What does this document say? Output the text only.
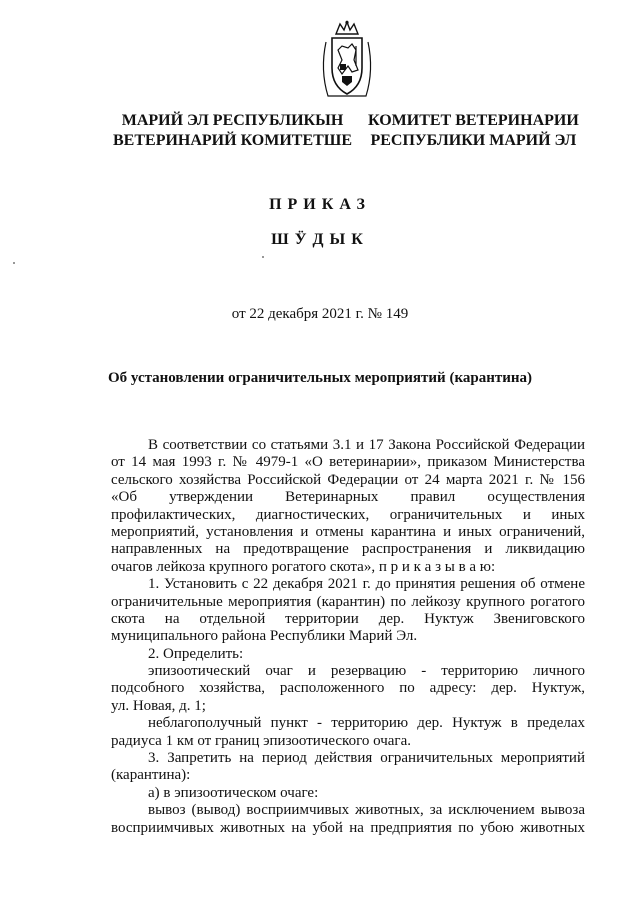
МАРИЙ ЭЛ РЕСПУБЛИКЫН
ВЕТЕРИНАРИЙ КОМИТЕТШЕ
КОМИТЕТ ВЕТЕРИНАРИИ
РЕСПУБЛИКИ МАРИЙ ЭЛ
ПРИКАЗ
ШӰДЫК
от 22 декабря 2021 г. № 149
Об установлении ограничительных мероприятий (карантина)
В соответствии со статьями 3.1 и 17 Закона Российской Федерации
от 14 мая 1993 г. № 4979-1 «О ветеринарии», приказом Министерства
сельского хозяйства Российской Федерации от 24 марта 2021 г. № 156
«Об утверждении Ветеринарных правил осуществления
профилактических, диагностических, ограничительных и иных
мероприятий, установления и отмены карантина и иных ограничений,
направленных на предотвращение распространения и ликвидацию
очагов лейкоза крупного рогатого скота», п р и к а з ы в а ю:
1. Установить с 22 декабря 2021 г. до принятия решения об отмене
ограничительные мероприятия (карантин) по лейкозу крупного рогатого
скота на отдельной территории дер. Нуктуж Звениговского
муниципального района Республики Марий Эл.
2. Определить:
эпизоотический очаг и резервацию - территорию личного
подсобного хозяйства, расположенного по адресу: дер. Нуктуж,
ул. Новая, д. 1;
неблагополучный пункт - территорию дер. Нуктуж в пределах
радиуса 1 км от границ эпизоотического очага.
3. Запретить на период действия ограничительных мероприятий
(карантина):
а) в эпизоотическом очаге:
вывоз (вывод) восприимчивых животных, за исключением вывоза
восприимчивых животных на убой на предприятия по убою животных
